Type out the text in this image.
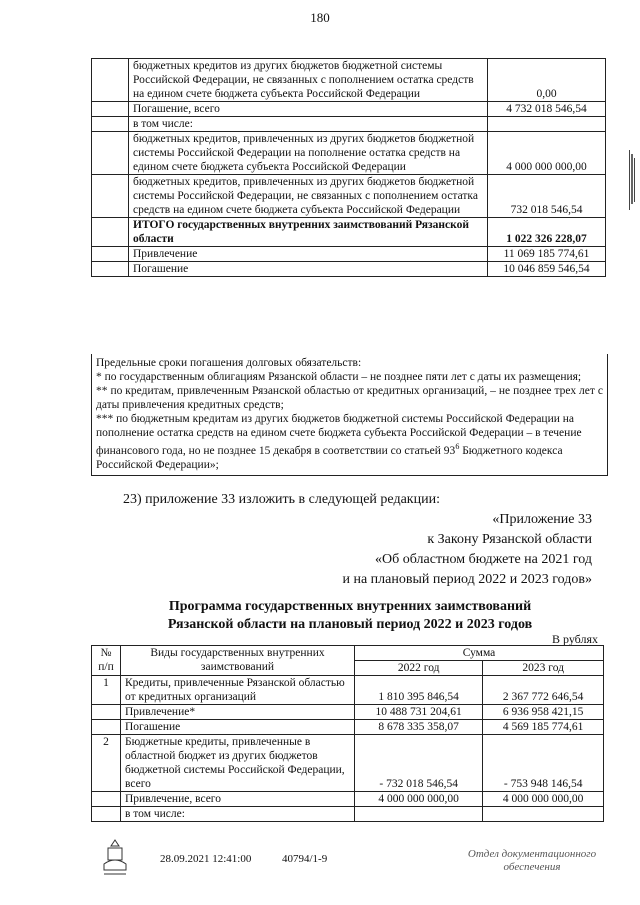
180
	бюджетных кредитов из других бюджетов бюджетной системы Российской Федерации, не связанных с пополнением остатка средств на едином счете бюджета субъекта Российской Федерации	0,00
	Погашение, всего	4 732 018 546,54
	в том числе:	
	бюджетных кредитов, привлеченных из других бюджетов бюджетной системы Российской Федерации на пополнение остатка средств на едином счете бюджета субъекта Российской Федерации	4 000 000 000,00
	бюджетных кредитов, привлеченных из других бюджетов бюджетной системы Российской Федерации, не связанных с пополнением остатка средств на едином счете бюджета субъекта Российской Федерации	732 018 546,54
	ИТОГО государственных внутренних заимствований Рязанской области	1 022 326 228,07
	Привлечение	11 069 185 774,61
	Погашение	10 046 859 546,54

Предельные сроки погашения долговых обязательств:

* по государственным облигациям Рязанской области – не позднее пяти лет с даты их размещения;

** по кредитам, привлеченным Рязанской областью от кредитных организаций, – не позднее трех лет с даты привлечения кредитных средств;

*** по бюджетным кредитам из других бюджетов бюджетной системы Российской Федерации на пополнение остатка средств на едином счете бюджета субъекта Российской Федерации – в течение финансового года, но не позднее 15 декабря в соответствии со статьей $93^6$ Бюджетного кодекса Российской Федерации»;

23) приложение 33 изложить в следующей редакции:
«Приложение 33
к Закону Рязанской области
«Об областном бюджете на 2021 год
и на плановый период 2022 и 2023 годов»
Программа государственных внутренних заимствований
Рязанской области на плановый период 2022 и 2023 годов
В рублях
№ п/п	Виды государственных внутренних заимствований	Сумма	
		2022 год	2023 год
1	Кредиты, привлеченные Рязанской областью от кредитных организаций	1 810 395 846,54	2 367 772 646,54
	Привлечение*	10 488 731 204,61	6 936 958 421,15
	Погашение	8 678 335 358,07	4 569 185 774,61
2	Бюджетные кредиты, привлеченные в областной бюджет из других бюджетов бюджетной системы Российской Федерации, всего	- 732 018 546,54	- 753 948 146,54
	Привлечение, всего	4 000 000 000,00	4 000 000 000,00
	в том числе:		
28.09.2021 12:41:00	40794/1-9	Отдел документационного обеспечения
